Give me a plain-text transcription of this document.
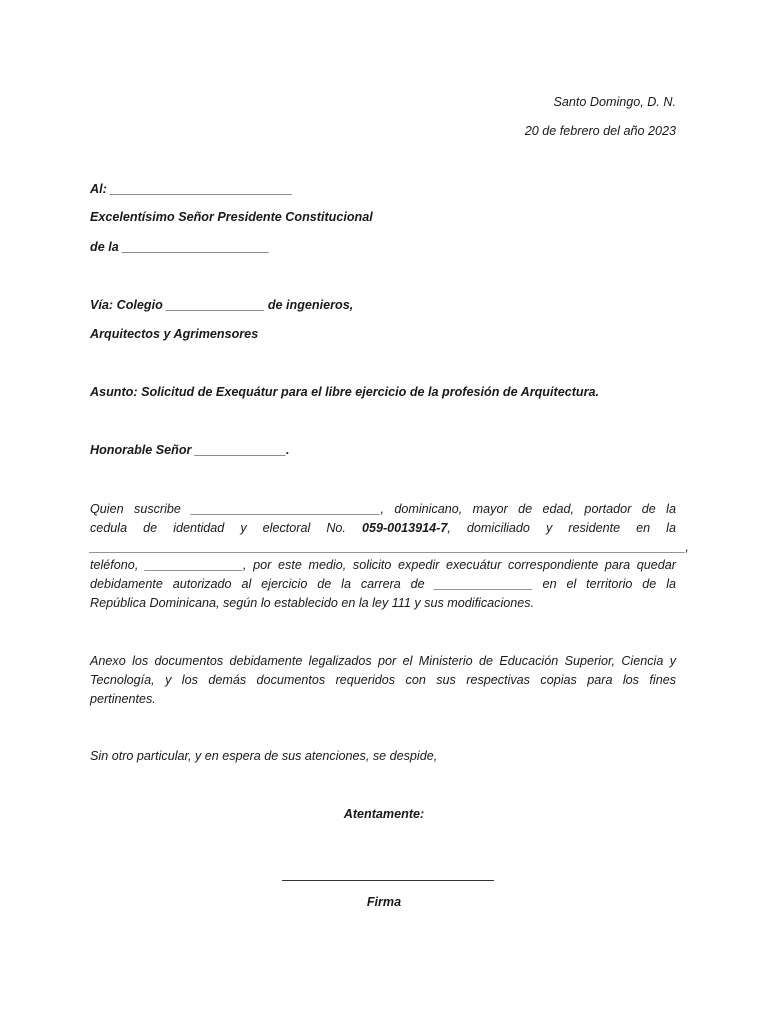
Santo Domingo, D. N.
20 de febrero del año 2023
Al: __________________________
Excelentísimo Señor Presidente Constitucional
de la _____________________
Vía: Colegio ______________ de ingenieros,
Arquitectos y Agrimensores
Asunto: Solicitud de Exequátur para el libre ejercicio de la profesión de Arquitectura.
Honorable Señor _____________.
Quien suscribe ___________________________, dominicano, mayor de edad, portador de la
cedula de identidad y electoral No. 059-0013914-7, domiciliado y residente en la
_____________________________________________________________________________________,
teléfono, ______________, por este medio, solicito expedir execuátur correspondiente para quedar
debidamente autorizado al ejercicio de la carrera de ______________ en el territorio de la
República Dominicana, según lo establecido en la ley 111 y sus modificaciones.
Anexo los documentos debidamente legalizados por el Ministerio de Educación Superior, Ciencia y
Tecnología, y los demás documentos requeridos con sus respectivas copias para los fines
pertinentes.
Sin otro particular, y en espera de sus atenciones, se despide,
Atentamente:
Firma
